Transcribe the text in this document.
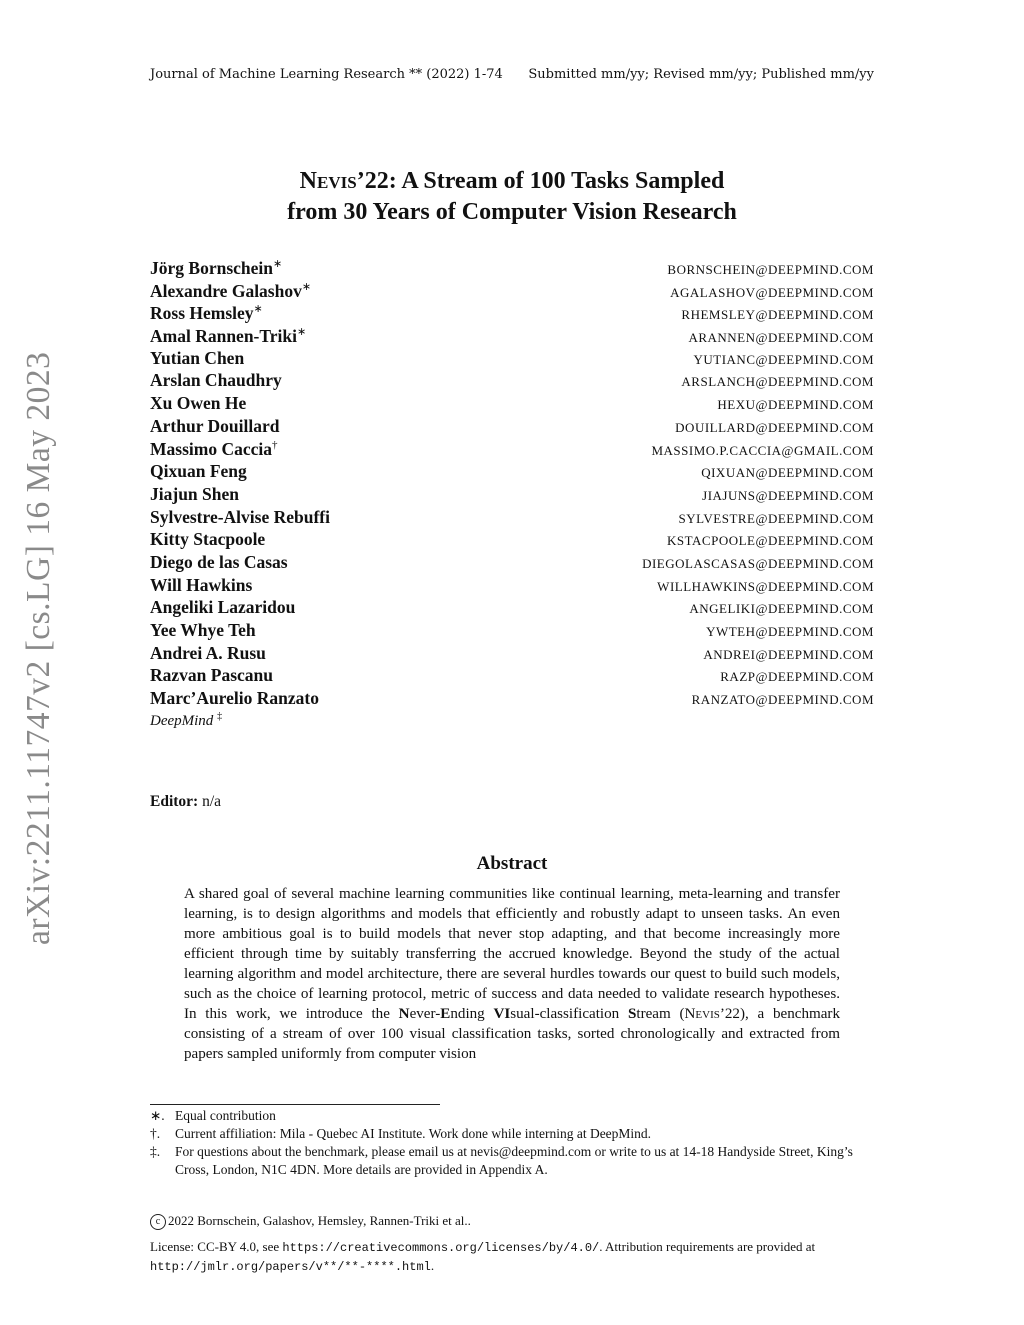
Journal of Machine Learning Research ** (2022) 1-74 Submitted mm/yy; Revised mm/yy; Published mm/yy
arXiv:2211.11747v2 [cs.LG] 16 May 2023
Nevis’22: A Stream of 100 Tasks Sampled
from 30 Years of Computer Vision Research
Jörg Bornschein∗	BORNSCHEIN@DEEPMIND.COM
Alexandre Galashov∗	AGALASHOV@DEEPMIND.COM
Ross Hemsley∗	RHEMSLEY@DEEPMIND.COM
Amal Rannen-Triki∗	ARANNEN@DEEPMIND.COM
Yutian Chen	YUTIANC@DEEPMIND.COM
Arslan Chaudhry	ARSLANCH@DEEPMIND.COM
Xu Owen He	HEXU@DEEPMIND.COM
Arthur Douillard	DOUILLARD@DEEPMIND.COM
Massimo Caccia†	MASSIMO.P.CACCIA@GMAIL.COM
Qixuan Feng	QIXUAN@DEEPMIND.COM
Jiajun Shen	JIAJUNS@DEEPMIND.COM
Sylvestre-Alvise Rebuffi	SYLVESTRE@DEEPMIND.COM
Kitty Stacpoole	KSTACPOOLE@DEEPMIND.COM
Diego de las Casas	DIEGOLASCASAS@DEEPMIND.COM
Will Hawkins	WILLHAWKINS@DEEPMIND.COM
Angeliki Lazaridou	ANGELIKI@DEEPMIND.COM
Yee Whye Teh	YWTEH@DEEPMIND.COM
Andrei A. Rusu	ANDREI@DEEPMIND.COM
Razvan Pascanu	RAZP@DEEPMIND.COM
Marc’Aurelio Ranzato	RANZATO@DEEPMIND.COM
DeepMind ‡
Editor: n/a
Abstract

A shared goal of several machine learning communities like continual learning, meta-learning and transfer learning, is to design algorithms and models that efficiently and robustly adapt to unseen tasks. An even more ambitious goal is to build models that never stop adapting, and that become increasingly more efficient through time by suitably transferring the accrued knowledge. Beyond the study of the actual learning algorithm and model architecture, there are several hurdles towards our quest to build such models, such as the choice of learning protocol, metric of success and data needed to validate research hypotheses. In this work, we introduce the Never-Ending VIsual-classification Stream (Nevis’22), a benchmark consisting of a stream of over 100 visual classification tasks, sorted chronologically and extracted from papers sampled uniformly from computer vision

∗. Equal contribution
†.	Current affiliation: Mila - Quebec AI Institute. Work done while interning at DeepMind.
‡.	For questions about the benchmark, please email us at nevis@deepmind.com or write to us at 14-18 Handyside Street, King’s Cross, London, N1C 4DN. More details are provided in Appendix A.
c 2022 Bornschein, Galashov, Hemsley, Rannen-Triki et al..
License: CC-BY 4.0, see https://creativecommons.org/licenses/by/4.0/. Attribution requirements are provided at http://jmlr.org/papers/v**/**-****.html.
